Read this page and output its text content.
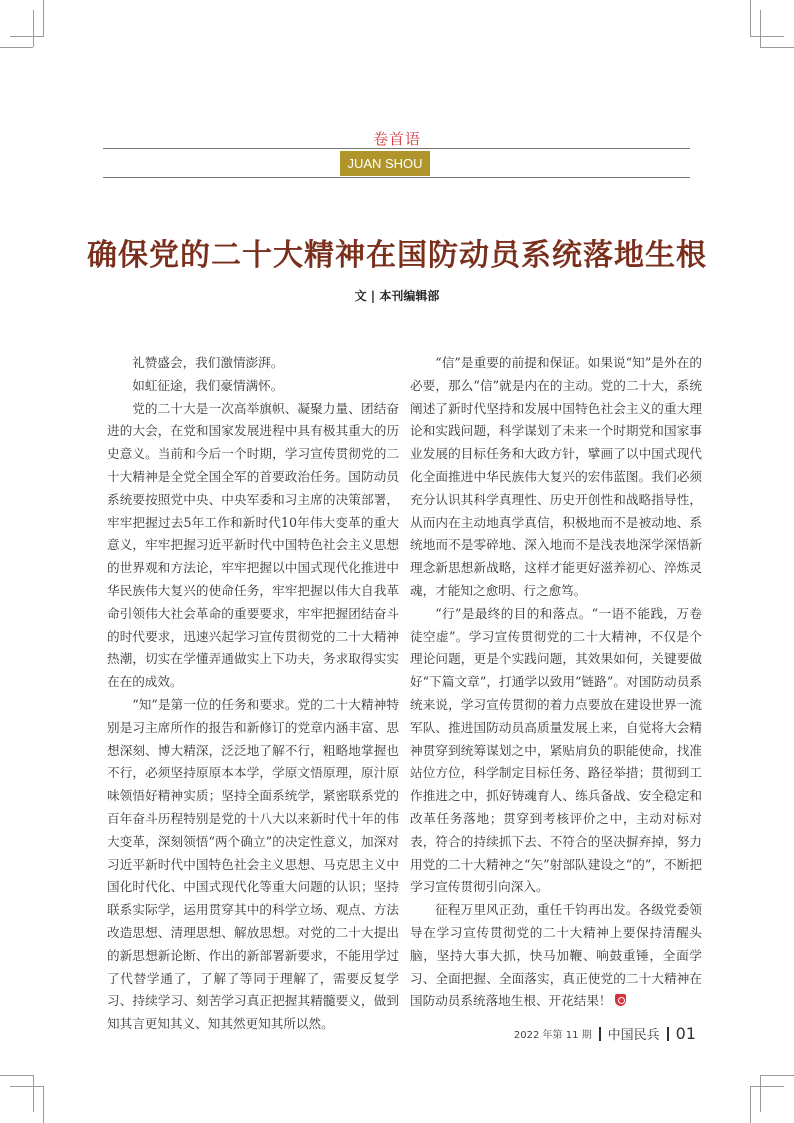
卷首语
JUAN SHOU YU
确保党的二十大精神在国防动员系统落地生根
文 | 本刊编辑部

礼赞盛会，我们激情澎湃。

如虹征途，我们豪情满怀。

党的二十大是一次高举旗帜、凝聚力量、团结奋进的大会，在党和国家发展进程中具有极其重大的历史意义。当前和今后一个时期，学习宣传贯彻党的二十大精神是全党全国全军的首要政治任务。国防动员系统要按照党中央、中央军委和习主席的决策部署，牢牢把握过去5年工作和新时代10年伟大变革的重大意义，牢牢把握习近平新时代中国特色社会主义思想的世界观和方法论，牢牢把握以中国式现代化推进中华民族伟大复兴的使命任务，牢牢把握以伟大自我革命引领伟大社会革命的重要要求，牢牢把握团结奋斗的时代要求，迅速兴起学习宣传贯彻党的二十大精神热潮，切实在学懂弄通做实上下功夫，务求取得实实在在的成效。

“知”是第一位的任务和要求。党的二十大精神特别是习主席所作的报告和新修订的党章内涵丰富、思想深刻、博大精深，泛泛地了解不行，粗略地掌握也不行，必须坚持原原本本学，学原文悟原理，原汁原味领悟好精神实质；坚持全面系统学，紧密联系党的百年奋斗历程特别是党的十八大以来新时代十年的伟大变革，深刻领悟“两个确立”的决定性意义，加深对习近平新时代中国特色社会主义思想、马克思主义中国化时代化、中国式现代化等重大问题的认识；坚持联系实际学，运用贯穿其中的科学立场、观点、方法改造思想、清理思想、解放思想。对党的二十大提出的新思想新论断、作出的新部署新要求，不能用学过了代替学通了，了解了等同于理解了，需要反复学习、持续学习、刻苦学习真正把握其精髓要义，做到知其言更知其义、知其然更知其所以然。

“信”是重要的前提和保证。如果说“知”是外在的必要，那么“信”就是内在的主动。党的二十大，系统阐述了新时代坚持和发展中国特色社会主义的重大理论和实践问题，科学谋划了未来一个时期党和国家事业发展的目标任务和大政方针，擘画了以中国式现代化全面推进中华民族伟大复兴的宏伟蓝图。我们必须充分认识其科学真理性、历史开创性和战略指导性，从而内在主动地真学真信，积极地而不是被动地、系统地而不是零碎地、深入地而不是浅表地深学深悟新理念新思想新战略，这样才能更好滋养初心、淬炼灵魂，才能知之愈明、行之愈笃。

“行”是最终的目的和落点。“一语不能践，万卷徒空虚”。学习宣传贯彻党的二十大精神，不仅是个理论问题，更是个实践问题，其效果如何，关键要做好“下篇文章”，打通学以致用“链路”。对国防动员系统来说，学习宣传贯彻的着力点要放在建设世界一流军队、推进国防动员高质量发展上来，自觉将大会精神贯穿到统筹谋划之中，紧贴肩负的职能使命，找准站位方位，科学制定目标任务、路径举措；贯彻到工作推进之中，抓好铸魂育人、练兵备战、安全稳定和改革任务落地；贯穿到考核评价之中，主动对标对表，符合的持续抓下去、不符合的坚决摒弃掉，努力用党的二十大精神之“矢”射部队建设之“的”，不断把学习宣传贯彻引向深入。

征程万里风正劲，重任千钧再出发。各级党委领导在学习宣传贯彻党的二十大精神上要保持清醒头脑，坚持大事大抓，快马加鞭、响鼓重锤，全面学习、全面把握、全面落实，真正使党的二十大精神在国防动员系统落地生根、开花结果！

2022 年第 11 期 中国民兵 01
